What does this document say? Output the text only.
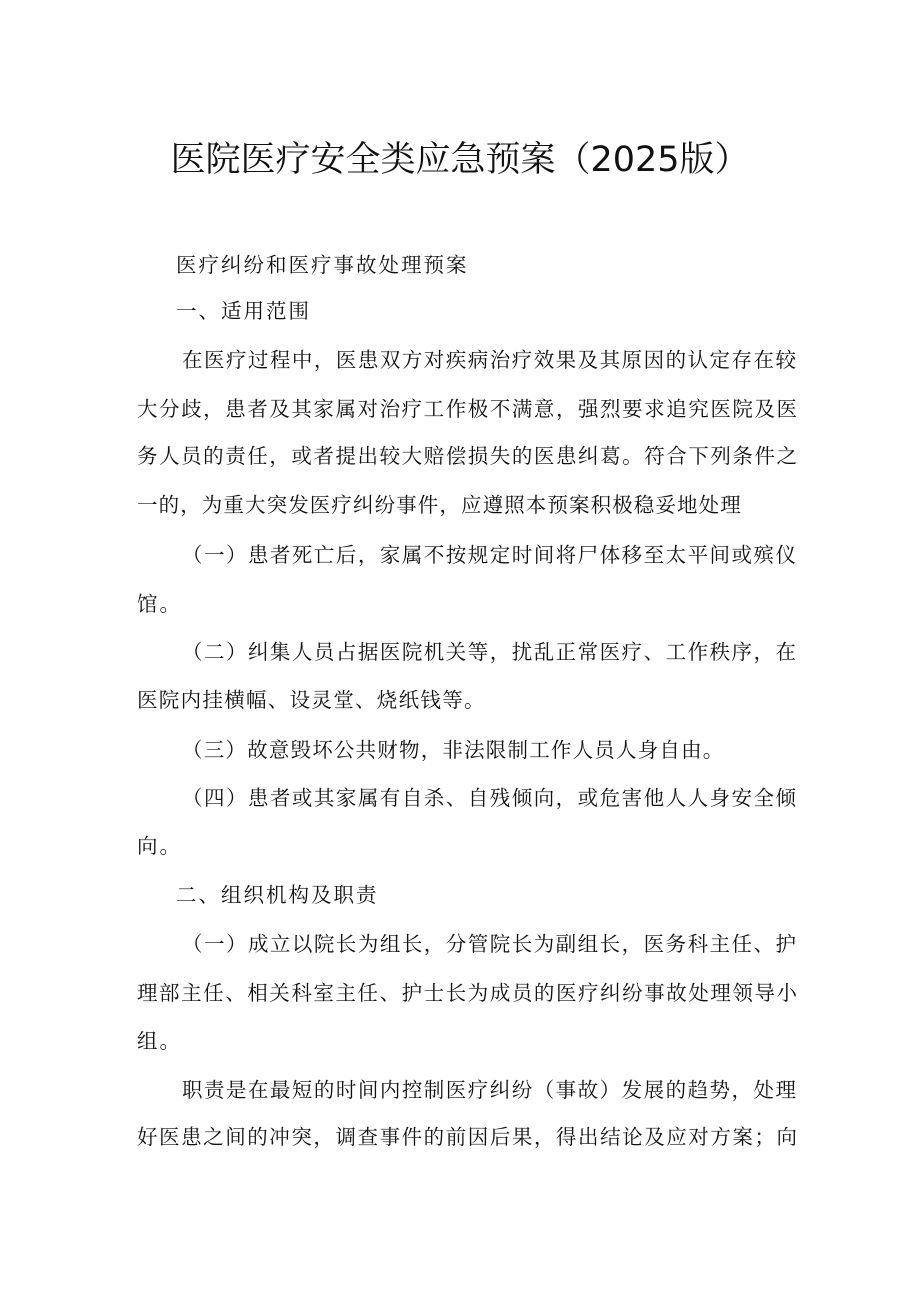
医院医疗安全类应急预案（2025版）

医疗纠纷和医疗事故处理预案

一、适用范围

在医疗过程中，医患双方对疾病治疗效果及其原因的认定存在较

大分歧，患者及其家属对治疗工作极不满意，强烈要求追究医院及医

务人员的责任，或者提出较大赔偿损失的医患纠葛。符合下列条件之

一的，为重大突发医疗纠纷事件，应遵照本预案积极稳妥地处理

（一）患者死亡后，家属不按规定时间将尸体移至太平间或殡仪

馆。

（二）纠集人员占据医院机关等，扰乱正常医疗、工作秩序，在

医院内挂横幅、设灵堂、烧纸钱等。

（三）故意毁坏公共财物，非法限制工作人员人身自由。

（四）患者或其家属有自杀、自残倾向，或危害他人人身安全倾

向。

二、组织机构及职责

（一）成立以院长为组长，分管院长为副组长，医务科主任、护

理部主任、相关科室主任、护士长为成员的医疗纠纷事故处理领导小

组。

职责是在最短的时间内控制医疗纠纷（事故）发展的趋势，处理

好医患之间的冲突，调查事件的前因后果，得出结论及应对方案；向
